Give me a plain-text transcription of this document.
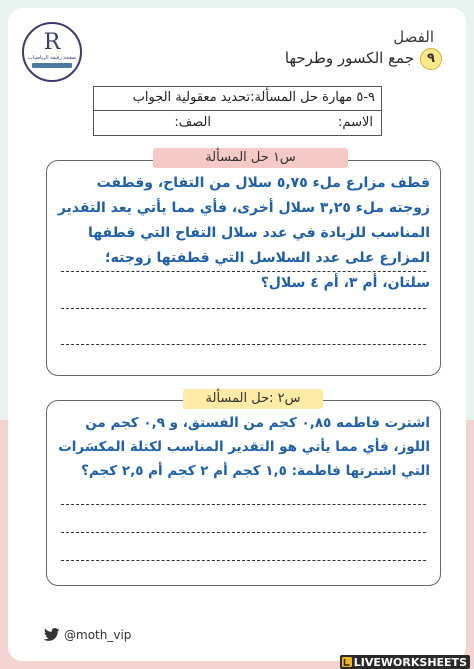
R
صفحة رفيقة الرياضيات
الفصل
٩
جمع الكسور وطرحها
٩-٥ مهارة حل المسألة:تحديد معقولية الجواب
الاسم:
الصف:
قطف مزارع ملء ٥,٧٥ سلال من التفاح، وقطفت زوجته ملء ٣,٢٥ سلال أخرى، فأي مما يأتي يعد التقدير المناسب للزيادة في عدد سلال التفاح التي قطفها المزارع على عدد السلاسل التي قطفتها زوجته؛ سلتان، أم ٣، أم ٤ سلال؟
س١ حل المسألة
اشترت فاطمه ٠,٨٥ كجم من الفستق، و ٠,٩ كجم من اللوز، فأي مما يأتي هو التقدير المناسب لكتلة المكسَرات التي اشترتها فاطمة: ١,٥ كجم أم ٢ كجم أم ٢,٥ كجم؟
س٢ :حل المسألة
@moth_vip
LIVEWORKSHEETS
